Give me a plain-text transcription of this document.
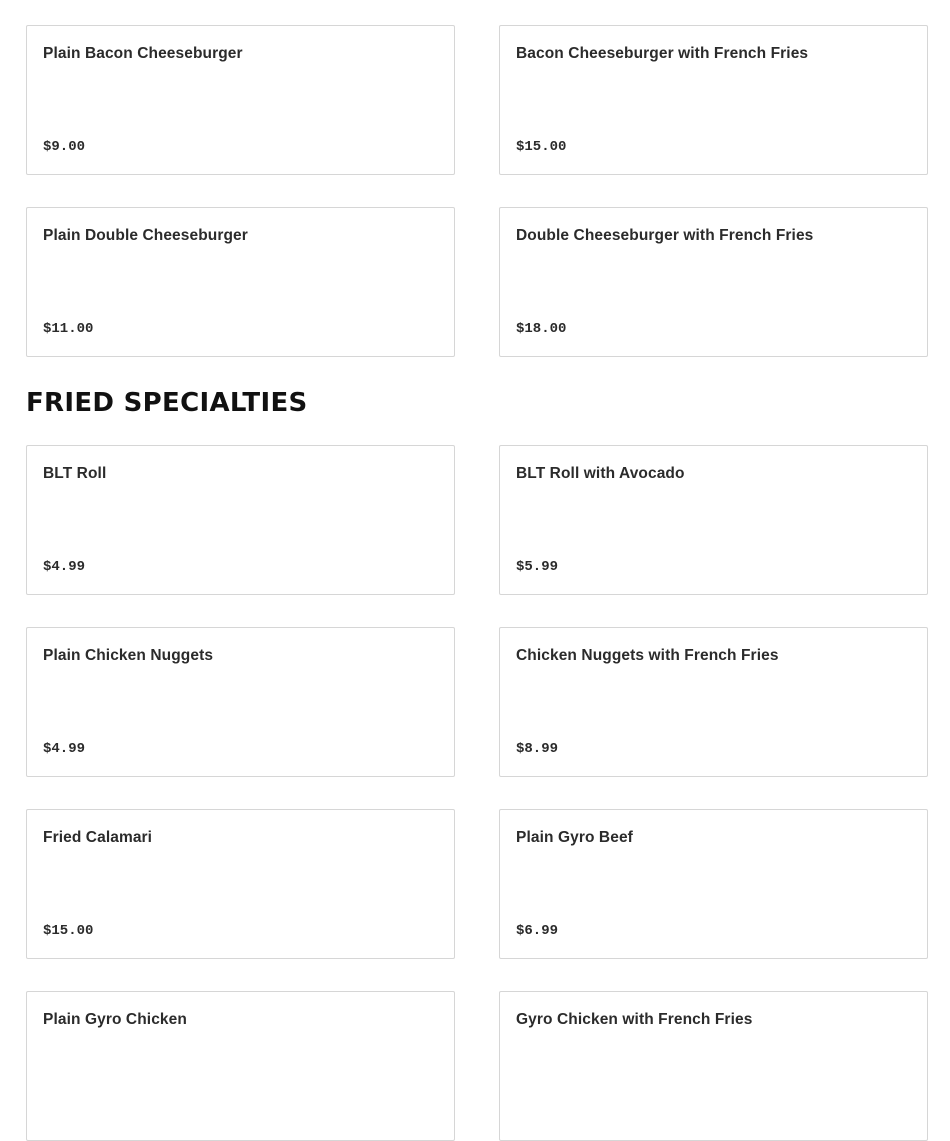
Plain Bacon Cheeseburger
$9.00
Bacon Cheeseburger with French Fries
$15.00
Plain Double Cheeseburger
$11.00
Double Cheeseburger with French Fries
$18.00
FRIED SPECIALTIES
BLT Roll
$4.99
BLT Roll with Avocado
$5.99
Plain Chicken Nuggets
$4.99
Chicken Nuggets with French Fries
$8.99
Fried Calamari
$15.00
Plain Gyro Beef
$6.99
Plain Gyro Chicken	Gyro Chicken with French Fries
